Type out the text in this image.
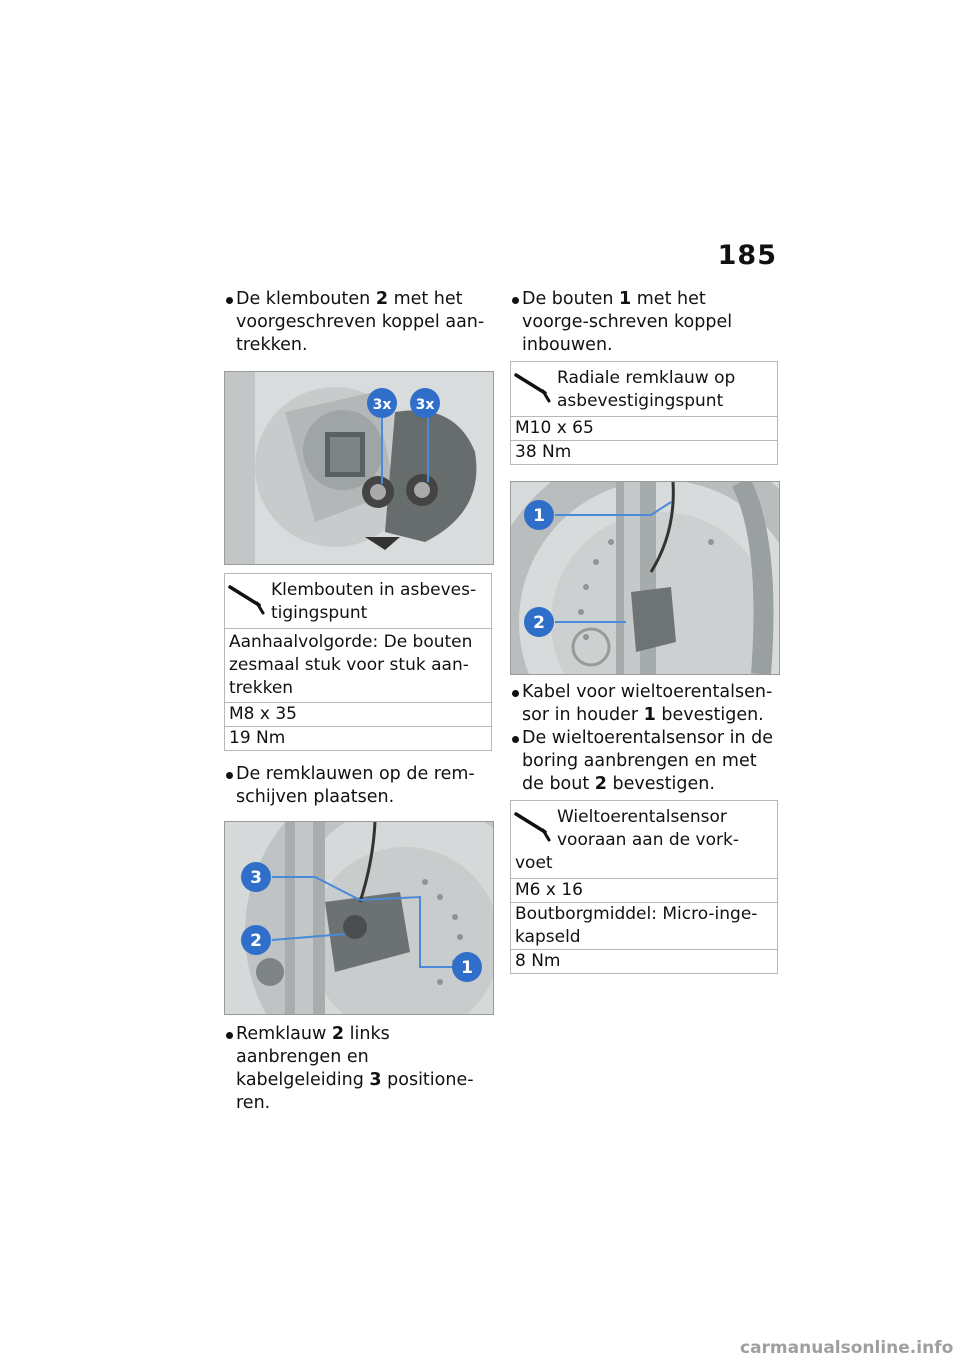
185
De klembouten 2 met het voorgeschreven koppel aan-trekken.
3x 3x
Klembouten in asbeves-tigingspunt
Aanhaalvolgorde: De bouten zesmaal stuk voor stuk aan-trekken
M8 x 35
19 Nm
De remklauwen op de rem-schijven plaatsen.
3
2
1
Remklauw 2 links aanbrengen en kabelgeleiding 3 positione-ren.
De bouten 1 met het voorge-schreven koppel inbouwen.
Radiale remklauw op asbevestigingspunt
M10 x 65
38 Nm
1
2
Kabel voor wieltoerentalsen-sor in houder 1 bevestigen.
De wieltoerentalsensor in de boring aanbrengen en met de bout 2 bevestigen.
Wieltoerentalsensor vooraan aan de vork-voet
M6 x 16
Boutborgmiddel: Micro-inge-kapseld
8 Nm
carmanualsonline.info
